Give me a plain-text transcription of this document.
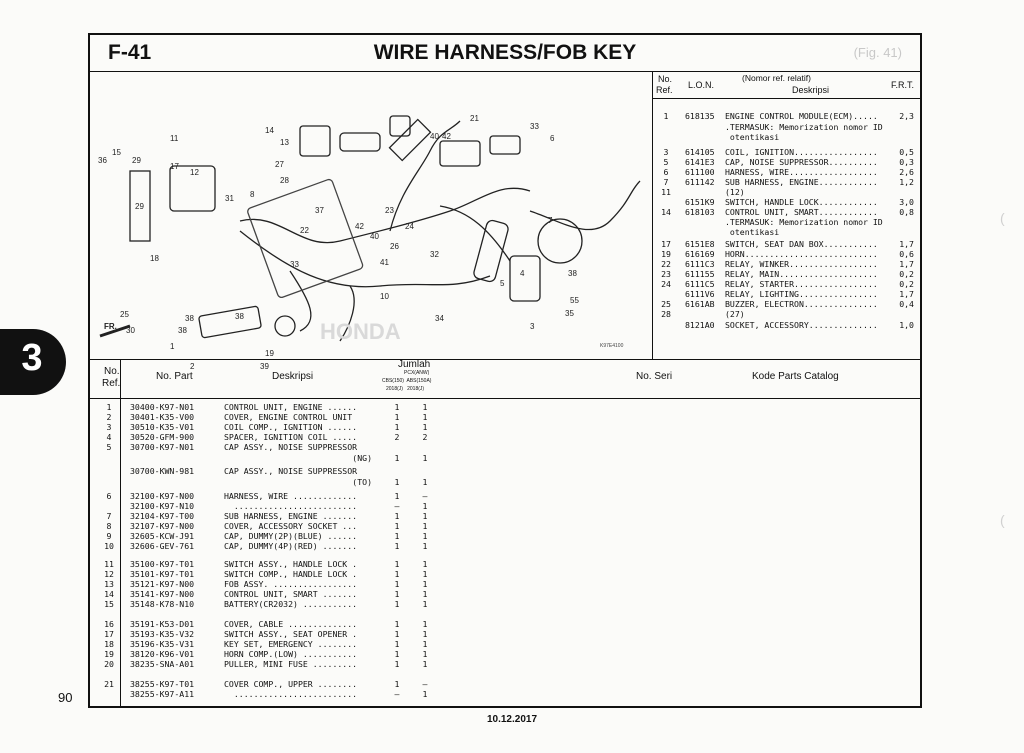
3
F-41	WIRE HARNESS/FOB KEY	(Fig. 41)
11
14
13
21
33
6
36
15
29
17
12
27
40 42
28
31 8
29
22
37	23
24
7
18
42
40
26
33
32
41
38
4
5
10
34
55
35
3
25	38	38
38
30
1
2
19
39
HONDA
K97E4100
FR.
No.
Ref. L.O.N.
(Nomor ref. relatif)
Deskripsi	F.R.T.
1	618135 ENGINE CONTROL MODULE(ECM).....	2,3
.TERMASUK: Memorization nomor ID
otentikasi
3	614105 COIL, IGNITION.................	0,5
5	6141E3 CAP, NOISE SUPPRESSOR..........	0,3
6	611100 HARNESS, WIRE..................	2,6
7	611142 SUB HARNESS, ENGINE............	1,2
11	(12)
6151K9 SWITCH, HANDLE LOCK............	3,0
14 618103 CONTROL UNIT, SMART............	0,8
.TERMASUK: Memorization nomor ID
otentikasi
17 6151E8 SWITCH, SEAT DAN BOX...........	1,7
19 616169 HORN...........................	0,6
22 6111C3 RELAY, WINKER..................	1,7
23 611155 RELAY, MAIN....................	0,2
24 6111C5 RELAY, STARTER.................	0,2
6111V6 RELAY, LIGHTING................	1,7
25 6161AB BUZZER, ELECTRON...............	0,4
28	(27)
8121A0 SOCKET, ACCESSORY..............	1,0
No.
Ref.
No. Part	Deskripsi
Jumlah
PCX(ANW)
CBS(150)  ABS(150A)
2018(J)   2018(J)
No. Seri	Kode Parts Catalog
1	30400-K97-N01	CONTROL UNIT, ENGINE ......	1	1
2	30401-K35-V00	COVER, ENGINE CONTROL UNIT	1	1
3	30510-K35-V01	COIL COMP., IGNITION ......	1	1
4	30520-GFM-900	SPACER, IGNITION COIL .....	2	2
5	30700-K97-N01	CAP ASSY., NOISE SUPPRESSOR
(NG)	1	1
30700-KWN-981	CAP ASSY., NOISE SUPPRESSOR
(TO)	1	1
6	32100-K97-N00	HARNESS, WIRE .............	1	–
32100-K97-N10	.........................	–	1
7	32104-K97-T00	SUB HARNESS, ENGINE .......	1	1
8	32107-K97-N00	COVER, ACCESSORY SOCKET ...	1	1
9	32605-KCW-J91	CAP, DUMMY(2P)(BLUE) ......	1	1
10	32606-GEV-761	CAP, DUMMY(4P)(RED) .......	1	1
11	35100-K97-T01	SWITCH ASSY., HANDLE LOCK .	1	1
12	35101-K97-T01	SWITCH COMP., HANDLE LOCK .	1	1
13	35121-K97-N00	FOB ASSY. .................	1	1
14	35141-K97-N00	CONTROL UNIT, SMART .......	1	1
15	35148-K78-N10	BATTERY(CR2032) ...........	1	1
16	35191-K53-D01	COVER, CABLE ..............	1	1
17	35193-K35-V32	SWITCH ASSY., SEAT OPENER .	1	1
18	35196-K35-V31	KEY SET, EMERGENCY ........	1	1
19	38120-K96-V01	HORN COMP.(LOW) ...........	1	1
20	38235-SNA-A01	PULLER, MINI FUSE .........	1	1
21	38255-K97-T01	COVER COMP., UPPER ........	1	–
38255-K97-A11	.........................	–	1
90
10.12.2017
(
(
